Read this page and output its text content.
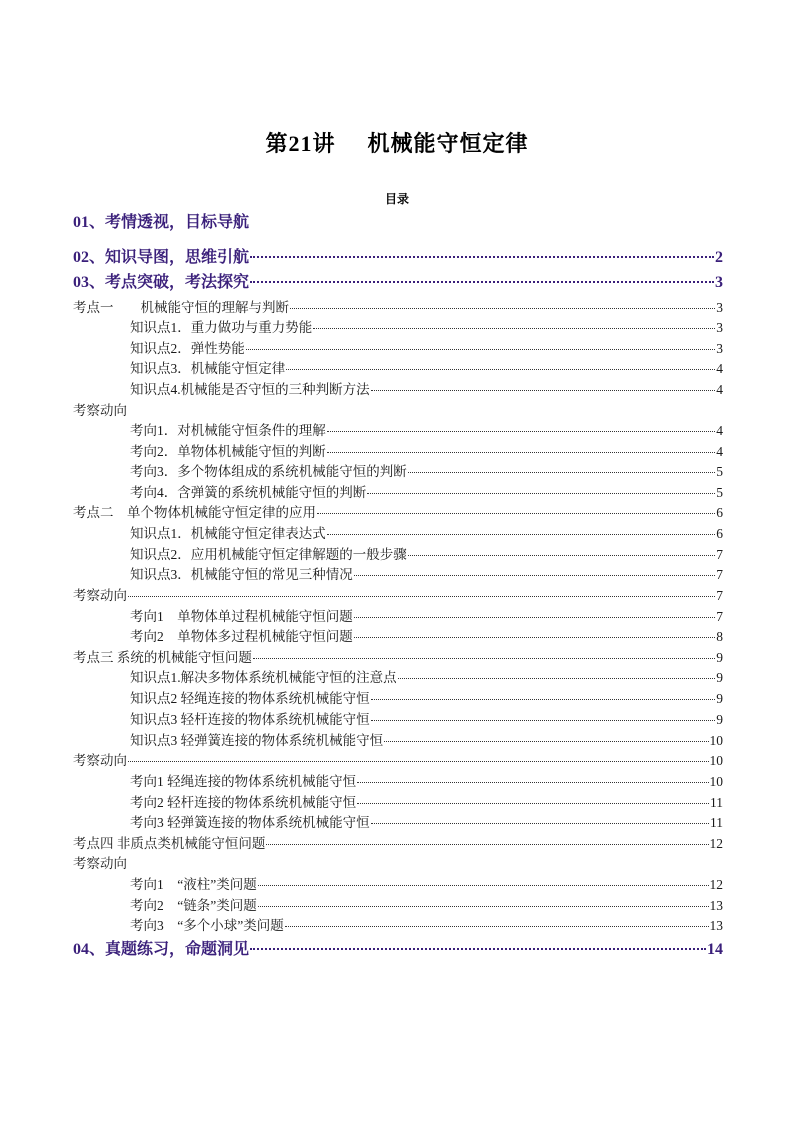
第21讲 机械能守恒定律
目录
01、考情透视，目标导航
02、知识导图，思维引航	2
03、考点突破，考法探究	3
考点一　　机械能守恒的理解与判断	3
知识点1．重力做功与重力势能	3
知识点2．弹性势能	3
知识点3．机械能守恒定律	4
知识点4.机械能是否守恒的三种判断方法	4
考察动向
考向1．对机械能守恒条件的理解	4
考向2．单物体机械能守恒的判断	4
考向3．多个物体组成的系统机械能守恒的判断	5
考向4．含弹簧的系统机械能守恒的判断	5
考点二　单个物体机械能守恒定律的应用	6
知识点1．机械能守恒定律表达式	6
知识点2．应用机械能守恒定律解题的一般步骤	7
知识点3．机械能守恒的常见三种情况	7
考察动向	7
考向1　单物体单过程机械能守恒问题	7
考向2　单物体多过程机械能守恒问题	8
考点三 系统的机械能守恒问题	9
知识点1.解决多物体系统机械能守恒的注意点	9
知识点2 轻绳连接的物体系统机械能守恒	9
知识点3 轻杆连接的物体系统机械能守恒	9
知识点3 轻弹簧连接的物体系统机械能守恒	10
考察动向	10
考向1 轻绳连接的物体系统机械能守恒	10
考向2 轻杆连接的物体系统机械能守恒	11
考向3 轻弹簧连接的物体系统机械能守恒	11
考点四 非质点类机械能守恒问题	12
考察动向
考向1　“液柱”类问题	12
考向2　“链条”类问题	13
考向3　“多个小球”类问题	13
04、真题练习，命题洞见	14
